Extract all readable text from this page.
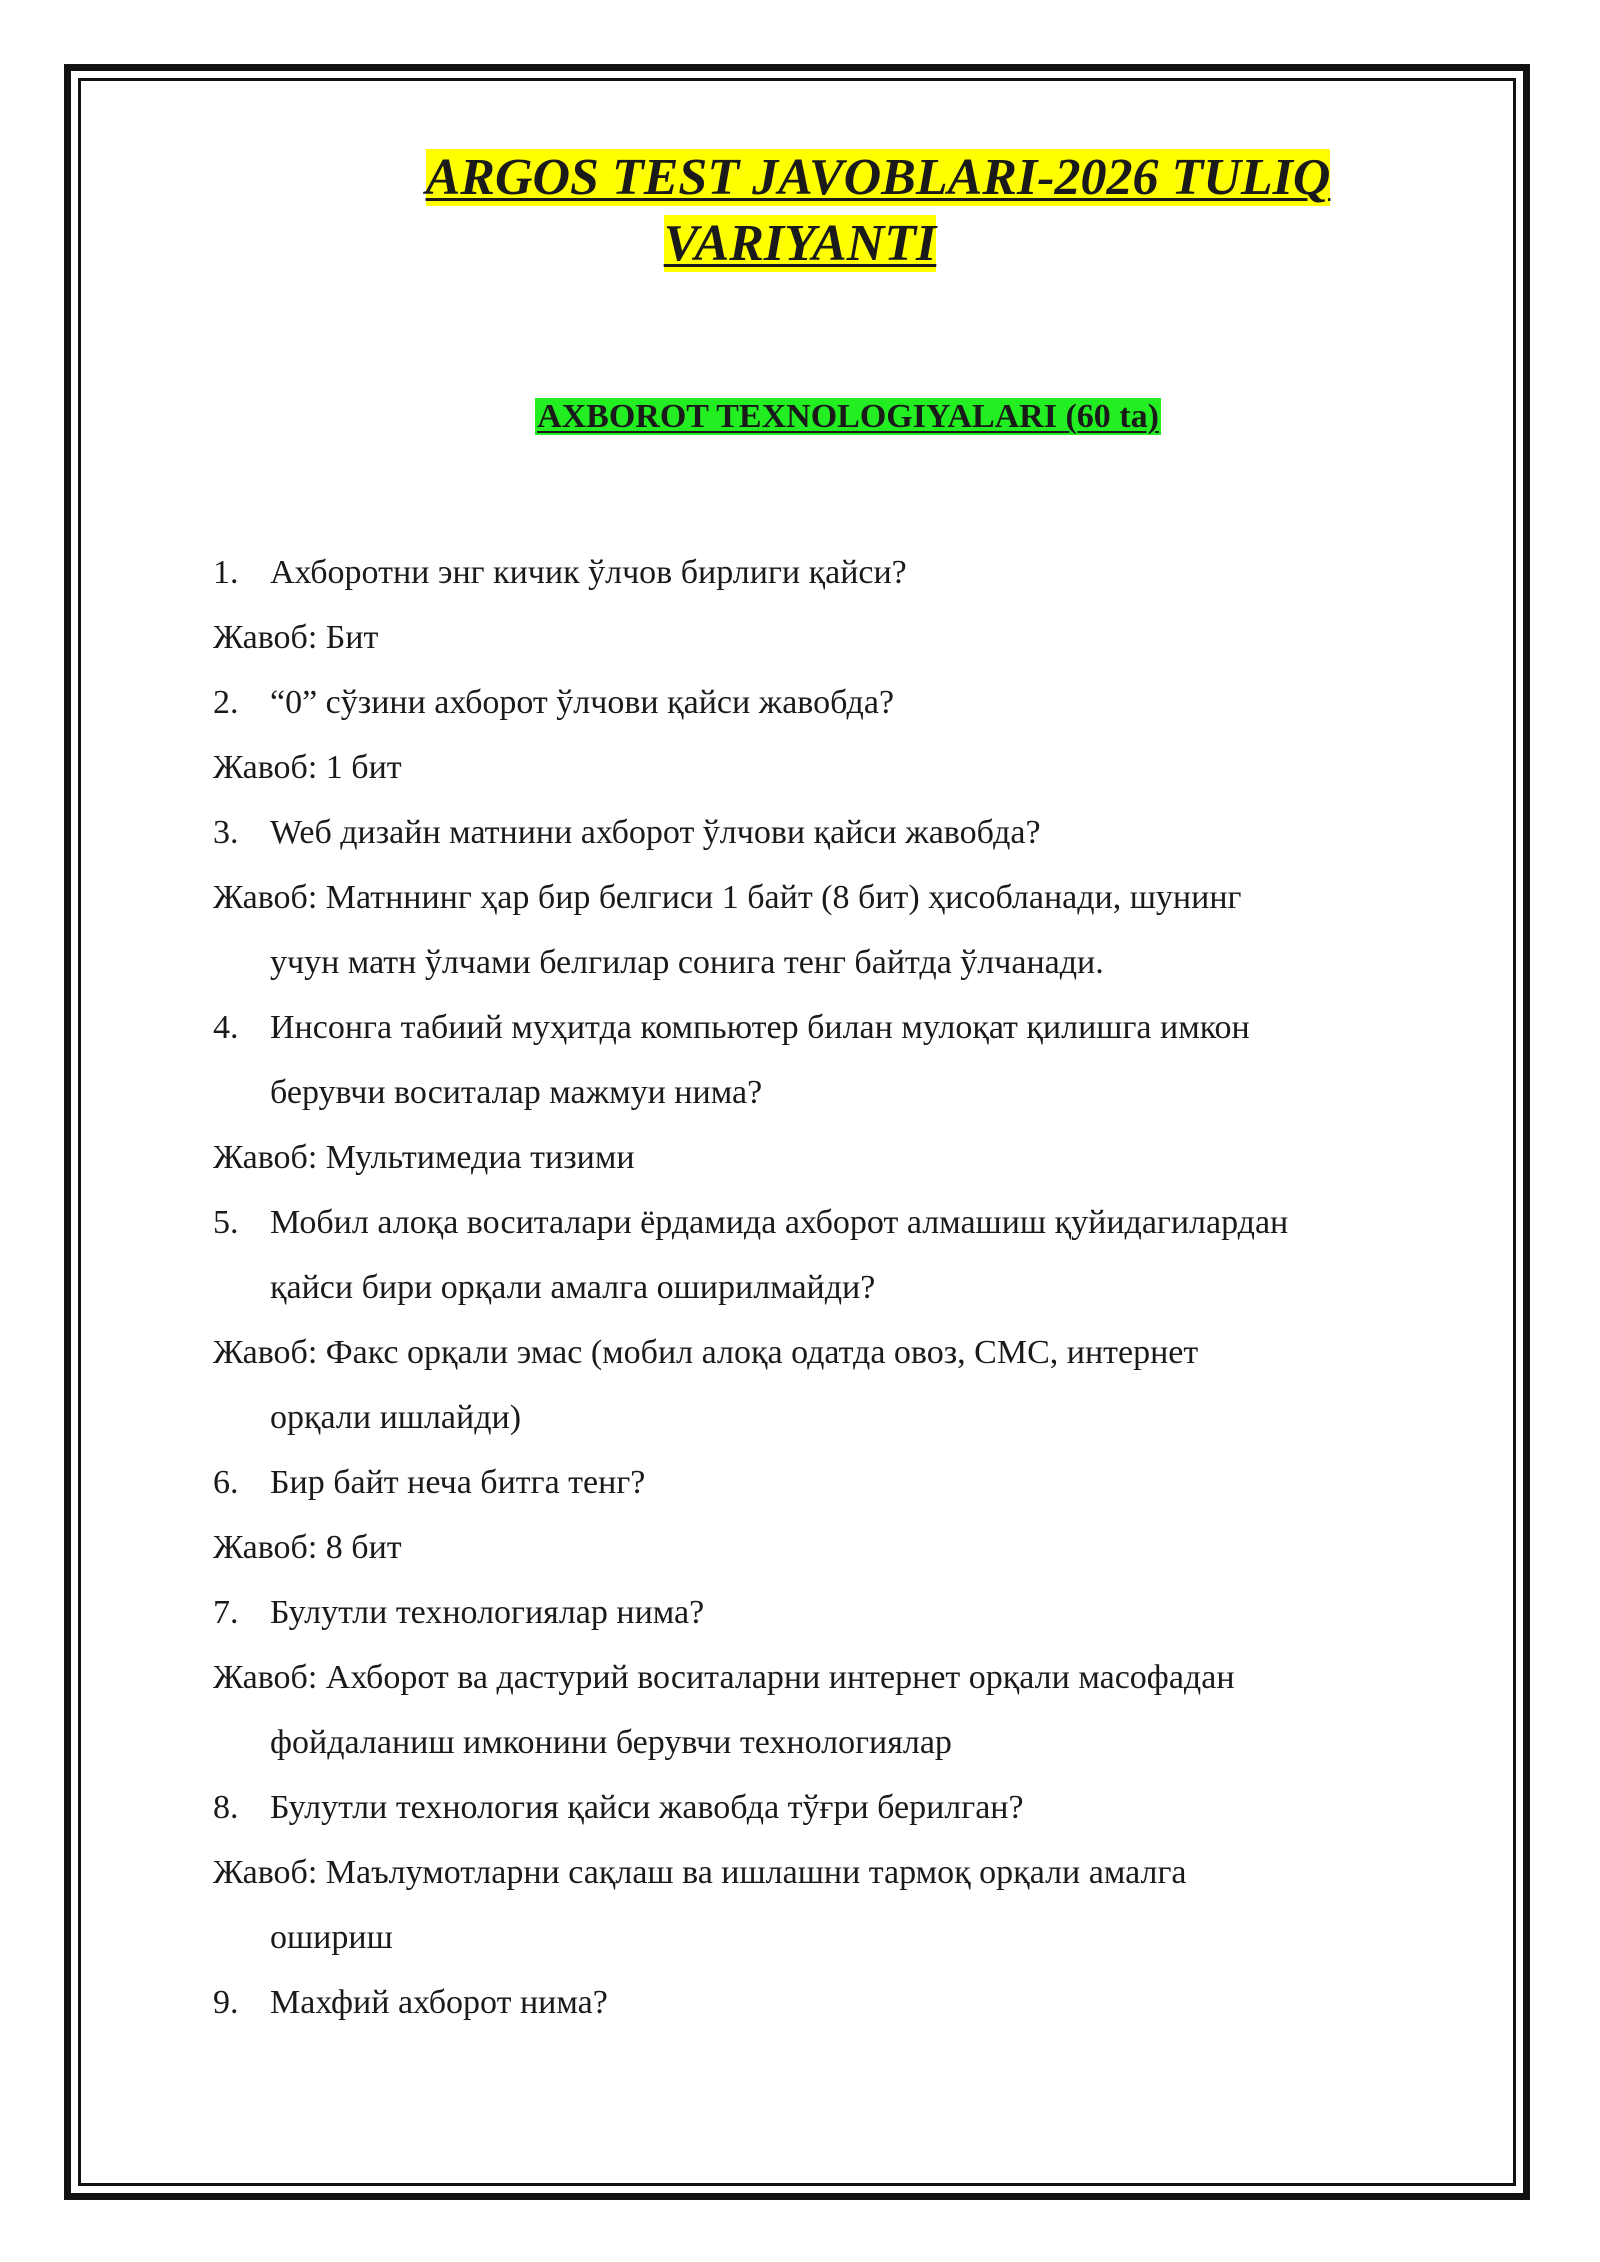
ARGOS TEST JAVOBLARI-2026 TULIQ
VARIYANTI
AXBOROT TEXNOLOGIYALARI (60 ta)
1. Ахборотни энг кичик ўлчов бирлиги қайси?
Жавоб: Бит
2. “0” сўзини ахборот ўлчови қайси жавобда?
Жавоб: 1 бит
3. Weб дизайн матнини ахборот ўлчови қайси жавобда?
Жавоб: Матннинг ҳар бир белгиси 1 байт (8 бит) ҳисобланади, шунинг
учун матн ўлчами белгилар сонига тенг байтда ўлчанади.
4. Инсонга табиий муҳитда компьютер билан мулоқат қилишга имкон
берувчи воситалар мажмуи нима?
Жавоб: Мультимедиа тизими
5. Мобил алоқа воситалари ёрдамида ахборот алмашиш қуйидагилардан
қайси бири орқали амалга оширилмайди?
Жавоб: Факс орқали эмас (мобил алоқа одатда овоз, СМС, интернет
орқали ишлайди)
6. Бир байт неча битга тенг?
Жавоб: 8 бит
7. Булутли технологиялар нима?
Жавоб: Ахборот ва дастурий воситаларни интернет орқали масофадан
фойдаланиш имконини берувчи технологиялар
8. Булутли технология қайси жавобда тўғри берилган?
Жавоб: Маълумотларни сақлаш ва ишлашни тармоқ орқали амалга
ошириш
9. Махфий ахборот нима?
